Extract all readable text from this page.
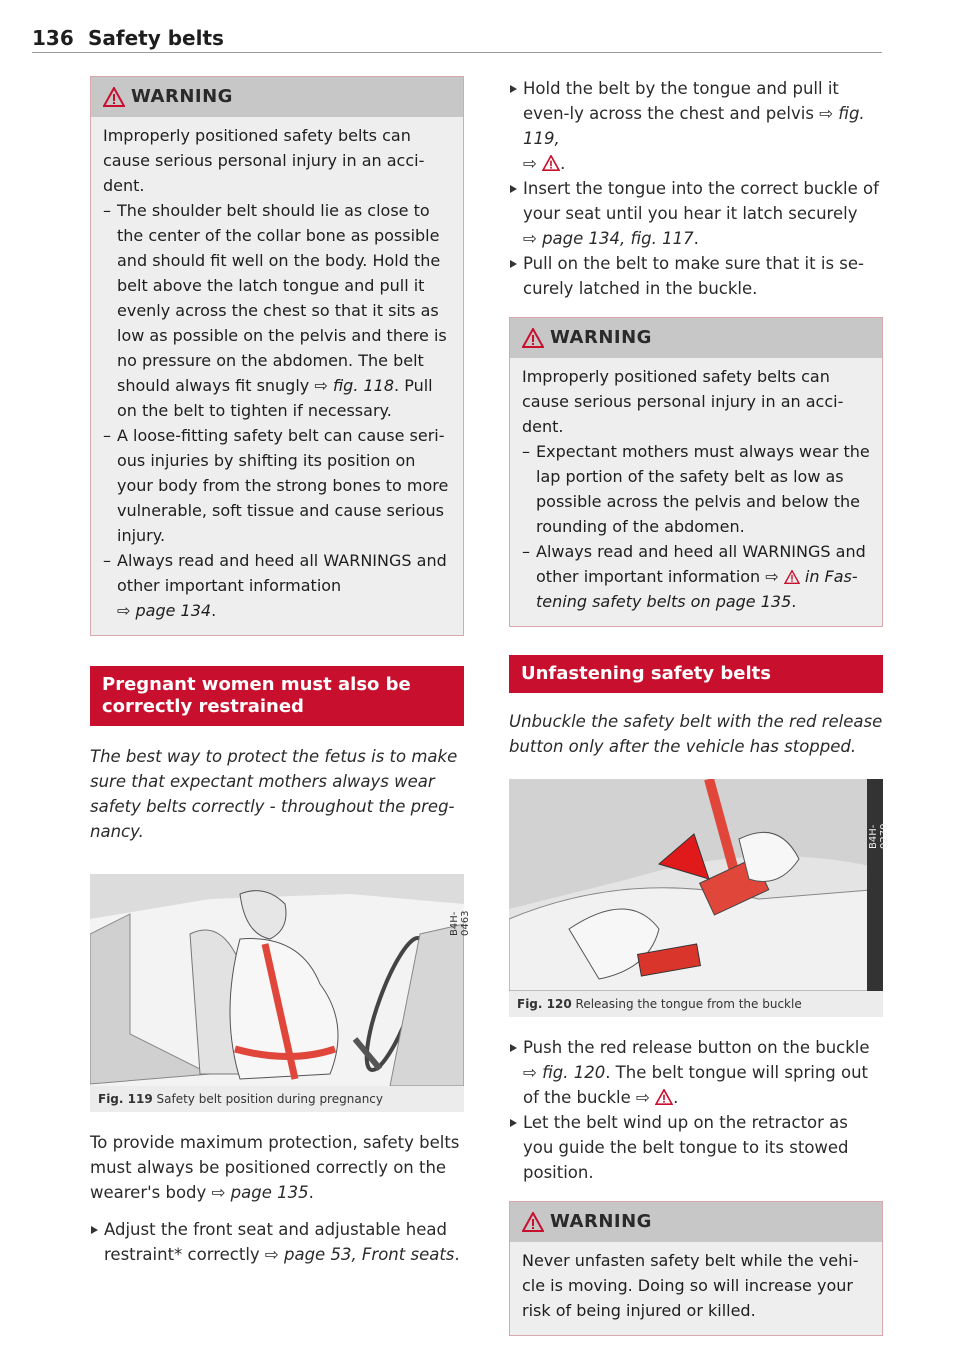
136 Safety belts
WARNING

Improperly positioned safety belts can cause serious personal injury in an acci-dent.

– The shoulder belt should lie as close to the center of the collar bone as possible and should fit well on the body. Hold the belt above the latch tongue and pull it evenly across the chest so that it sits as low as possible on the pelvis and there is no pressure on the abdomen. The belt should always fit snugly ⇨ fig. 118. Pull on the belt to tighten if necessary.

– A loose-fitting safety belt can cause seri-ous injuries by shifting its position on your body from the strong bones to more vulnerable, soft tissue and cause serious injury.

– Always read and heed all WARNINGS and other important information
⇨ page 134.

Pregnant women must also be correctly restrained

The best way to protect the fetus is to make sure that expectant mothers always wear safety belts correctly - throughout the preg-nancy.

B4H-0463
Fig. 119 Safety belt position during pregnancy

To provide maximum protection, safety belts must always be positioned correctly on the wearer's body ⇨ page 135.

Adjust the front seat and adjustable head restraint* correctly ⇨ page 53, Front seats.

Hold the belt by the tongue and pull it even-ly across the chest and pelvis ⇨ fig. 119,
⇨ .

Insert the tongue into the correct buckle of your seat until you hear it latch securely
⇨ page 134, fig. 117.

Pull on the belt to make sure that it is se-curely latched in the buckle.

WARNING

Improperly positioned safety belts can cause serious personal injury in an acci-dent.

– Expectant mothers must always wear the lap portion of the safety belt as low as possible across the pelvis and below the rounding of the abdomen.

– Always read and heed all WARNINGS and other important information ⇨ in Fas-tening safety belts on page 135.

Unfastening safety belts

Unbuckle the safety belt with the red release button only after the vehicle has stopped.

B4H-0270
Fig. 120 Releasing the tongue from the buckle

Push the red release button on the buckle
⇨ fig. 120. The belt tongue will spring out of the buckle ⇨ .

Let the belt wind up on the retractor as you guide the belt tongue to its stowed position.

WARNING

Never unfasten safety belt while the vehi-cle is moving. Doing so will increase your risk of being injured or killed.
